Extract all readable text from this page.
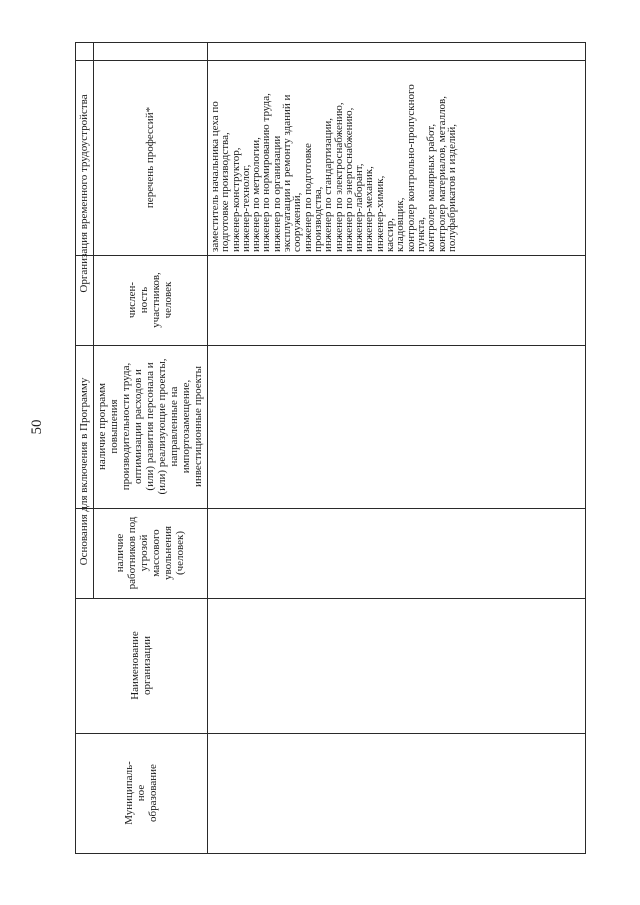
50
Муниципаль-
ное
образование
Наименование
организации
Основания для включения в Программу	наличие
работников под
угрозой
массового
увольнения
(человек)
наличие программ
повышения
производительности труда,
оптимизации расходов и
(или) развития персонала и
(или) реализующие проекты,
направленные на
импортозамещение,
инвестиционные проекты
Организация временного трудоустройства
числен-
ность
участников,
человек
перечень профессий*	заместитель начальника цеха по
подготовке производства,
инженер-конструктор,
инженер-технолог,
инженер по метрологии,
инженер по нормированию труда,
инженер по организации
эксплуатации и ремонту зданий и
сооружений,
инженер по подготовке
производства,
инженер по стандартизации,
инженер по электроснабжению,
инженер по энергоснабжению,
инженер-лаборант,
инженер-механик,
инженер-химик,
кассир,
кладовщик,
контролер контрольно-пропускного
пункта,
контролер малярных работ,
контролер материалов, металлов,
полуфабрикатов и изделий,
